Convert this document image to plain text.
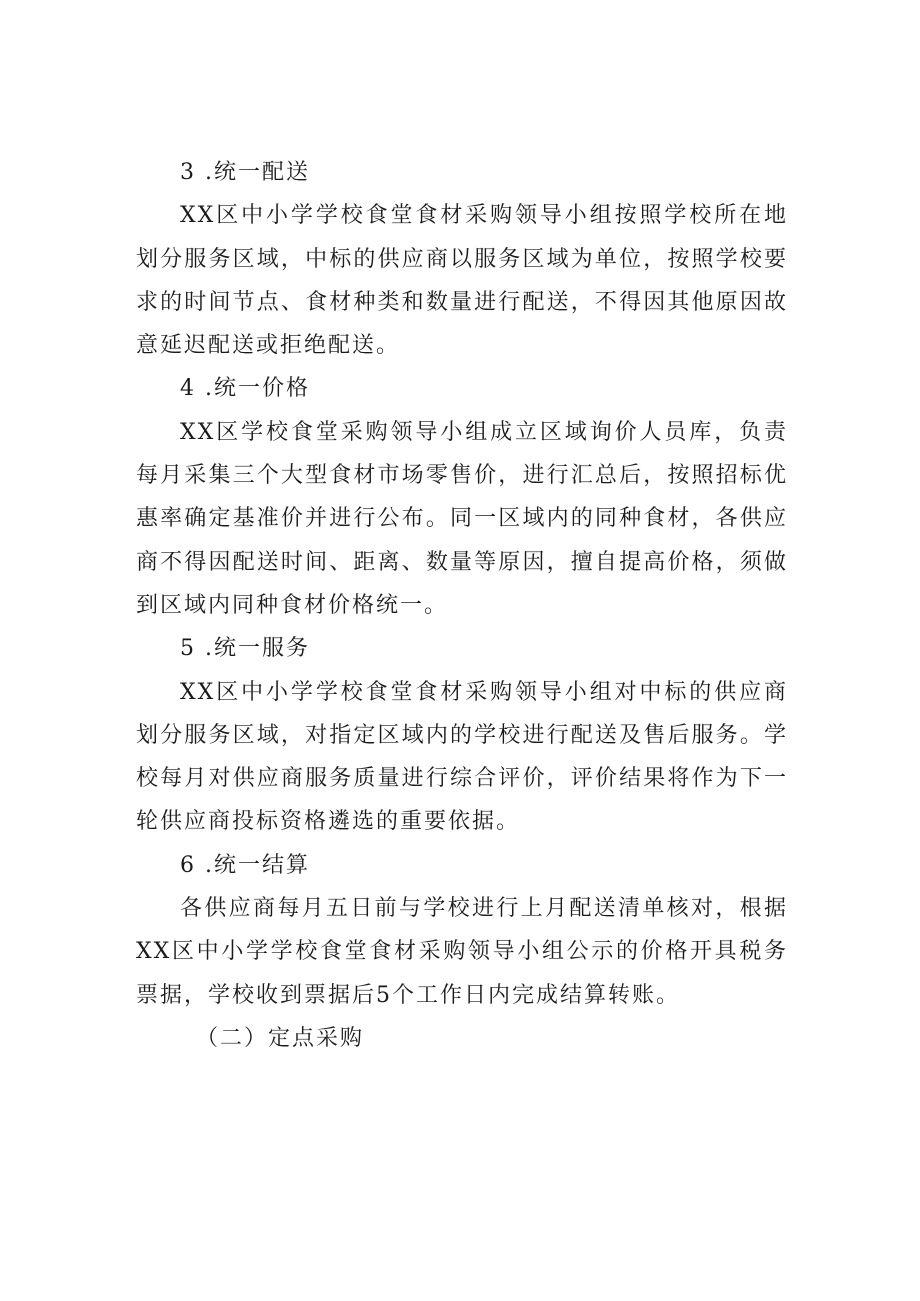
3 .统一配送

XX区中小学学校食堂食材采购领导小组按照学校所在地划分服务区域，中标的供应商以服务区域为单位，按照学校要求的时间节点、食材种类和数量进行配送，不得因其他原因故意延迟配送或拒绝配送。

4 .统一价格

XX区学校食堂采购领导小组成立区域询价人员库，负责每月采集三个大型食材市场零售价，进行汇总后，按照招标优惠率确定基准价并进行公布。同一区域内的同种食材，各供应商不得因配送时间、距离、数量等原因，擅自提高价格，须做到区域内同种食材价格统一。

5 .统一服务

XX区中小学学校食堂食材采购领导小组对中标的供应商划分服务区域，对指定区域内的学校进行配送及售后服务。学校每月对供应商服务质量进行综合评价，评价结果将作为下一轮供应商投标资格遴选的重要依据。

6 .统一结算

各供应商每月五日前与学校进行上月配送清单核对，根据XX区中小学学校食堂食材采购领导小组公示的价格开具税务票据，学校收到票据后5个工作日内完成结算转账。

（二）定点采购
